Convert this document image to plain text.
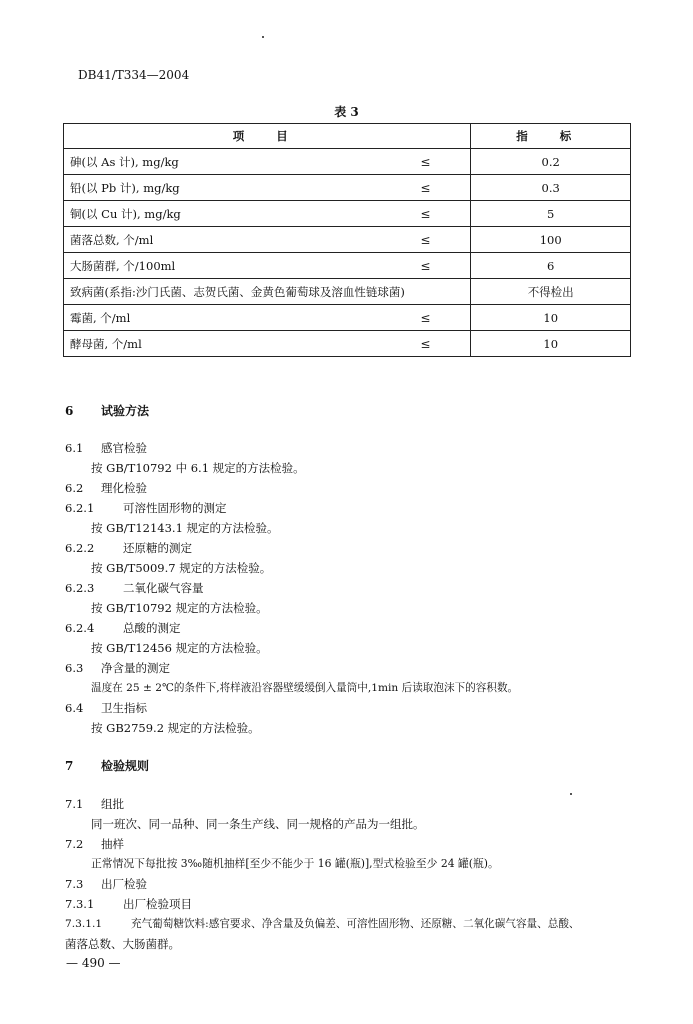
DB41/T334—2004
表 3
项 目	指 标
砷(以 As 计), mg/kg ≤	0.2
铅(以 Pb 计), mg/kg ≤	0.3
铜(以 Cu 计), mg/kg ≤	5
菌落总数, 个/ml ≤	100
大肠菌群, 个/100ml ≤	6
致病菌(系指:沙门氏菌、志贺氏菌、金黄色葡萄球及溶血性链球菌)	不得检出
霉菌, 个/ml ≤	10
酵母菌, 个/ml ≤	10
6 试验方法
6.1 感官检验
按 GB/T10792 中 6.1 规定的方法检验。
6.2 理化检验
6.2.1 可溶性固形物的测定
按 GB/T12143.1 规定的方法检验。
6.2.2 还原糖的测定
按 GB/T5009.7 规定的方法检验。
6.2.3 二氧化碳气容量
按 GB/T10792 规定的方法检验。
6.2.4 总酸的测定
按 GB/T12456 规定的方法检验。
6.3 净含量的测定
温度在 25 ± 2℃的条件下,将样液沿容器壁缓缓倒入量筒中,1min 后读取泡沫下的容积数。
6.4 卫生指标
按 GB2759.2 规定的方法检验。
7 检验规则
7.1 组批
同一班次、同一品种、同一条生产线、同一规格的产品为一组批。
7.2 抽样
正常情况下每批按 3‰随机抽样[至少不能少于 16 罐(瓶)],型式检验至少 24 罐(瓶)。
7.3 出厂检验
7.3.1 出厂检验项目
7.3.1.1	充气葡萄糖饮料:感官要求、净含量及负偏差、可溶性固形物、还原糖、二氧化碳气容量、总酸、
菌落总数、大肠菌群。
— 490 —
